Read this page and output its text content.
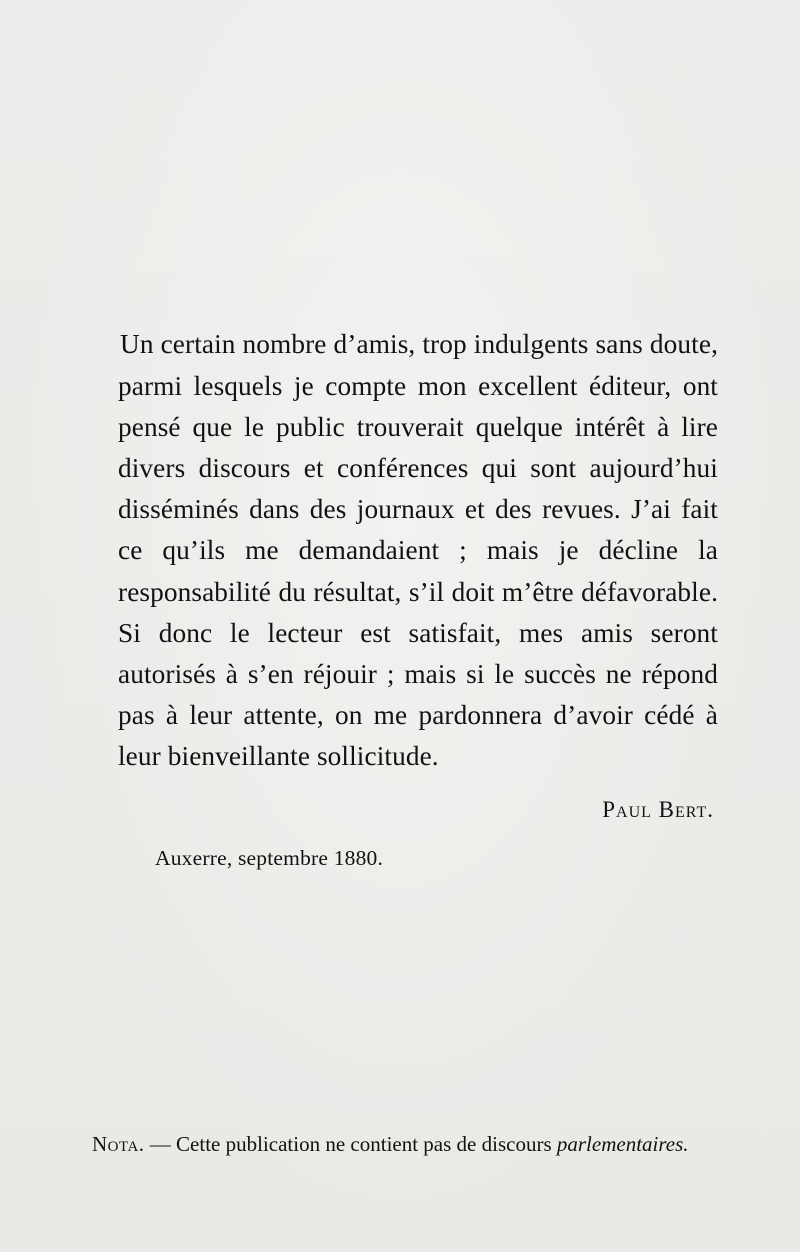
Un certain nombre d’amis, trop indulgents sans doute, parmi lesquels je compte mon excellent éditeur, ont pensé que le public trouverait quelque intérêt à lire divers discours et conférences qui sont aujourd’hui disséminés dans des journaux et des revues. J’ai fait ce qu’ils me demandaient ; mais je décline la responsabilité du résultat, s’il doit m’être défavorable. Si donc le lecteur est satisfait, mes amis seront autorisés à s’en réjouir ; mais si le succès ne répond pas à leur attente, on me pardonnera d’avoir cédé à leur bienveillante sollicitude.

Paul Bert.
Auxerre, septembre 1880.
Nota. — Cette publication ne contient pas de discours parlementaires.
